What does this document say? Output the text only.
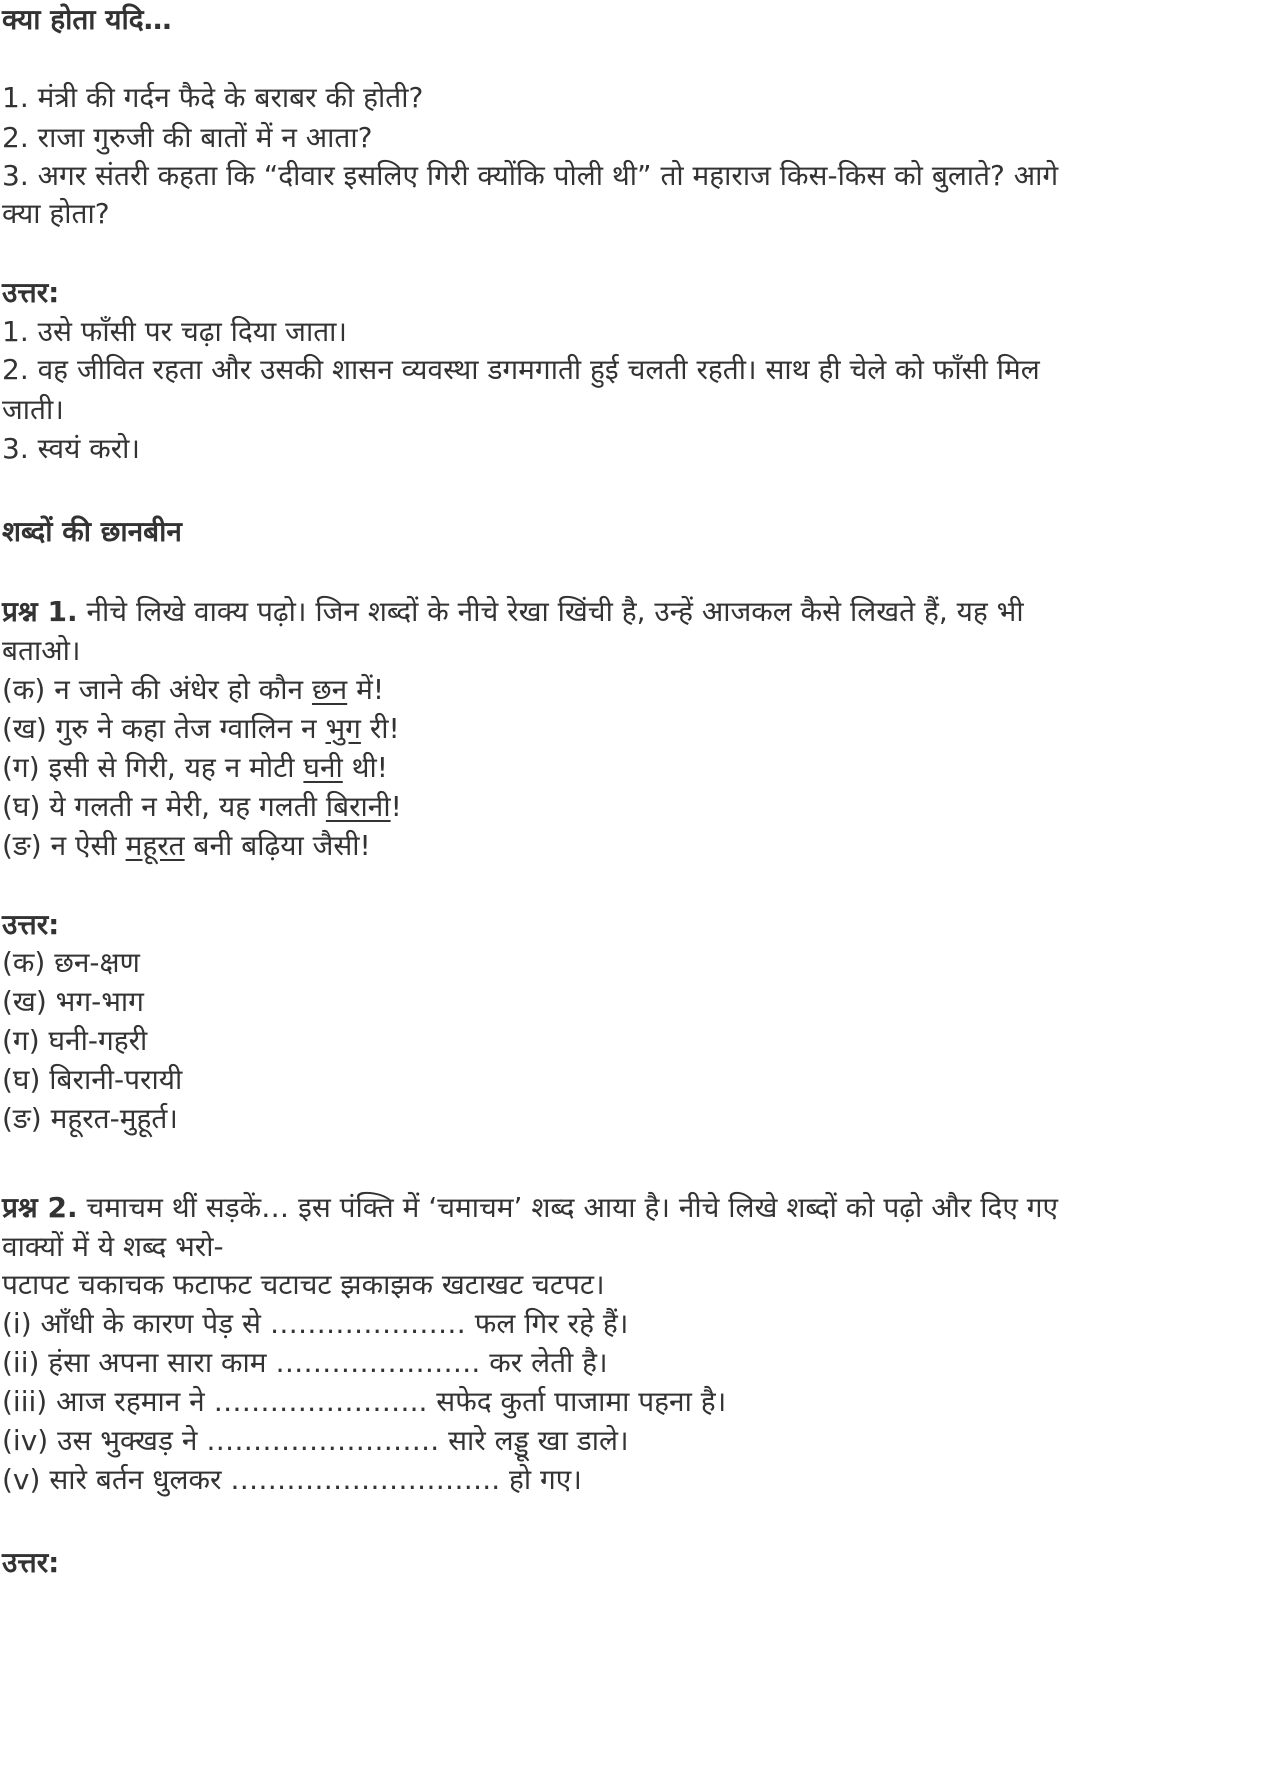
क्या होता यदि…

1. मंत्री की गर्दन फैदे के बराबर की होती?

2. राजा गुरुजी की बातों में न आता?

3. अगर संतरी कहता कि “दीवार इसलिए गिरी क्योंकि पोली थी” तो महाराज किस-किस को बुलाते? आगे

क्या होता?

उत्तर:

1. उसे फाँसी पर चढ़ा दिया जाता।

2. वह जीवित रहता और उसकी शासन व्यवस्था डगमगाती हुई चलती रहती। साथ ही चेले को फाँसी मिल

जाती।

3. स्वयं करो।

शब्दों की छानबीन

प्रश्न 1. नीचे लिखे वाक्य पढ़ो। जिन शब्दों के नीचे रेखा खिंची है, उन्हें आजकल कैसे लिखते हैं, यह भी

बताओ।

(क) न जाने की अंधेर हो कौन छन में!

(ख) गुरु ने कहा तेज ग्वालिन न भुग री!

(ग) इसी से गिरी, यह न मोटी घनी थी!

(घ) ये गलती न मेरी, यह गलती बिरानी!

(ङ) न ऐसी महूरत बनी बढ़िया जैसी!

उत्तर:

(क) छन-क्षण

(ख) भग-भाग

(ग) घनी-गहरी

(घ) बिरानी-परायी

(ङ) महूरत-मुहूर्त।

प्रश्न 2. चमाचम थीं सड़कें… इस पंक्ति में ‘चमाचम’ शब्द आया है। नीचे लिखे शब्दों को पढ़ो और दिए गए

वाक्यों में ये शब्द भरो-

पटापट चकाचक फटाफट चटाचट झकाझक खटाखट चटपट।

(i) आँधी के कारण पेड़ से ………………… फल गिर रहे हैं।

(ii) हंसा अपना सारा काम …………………. कर लेती है।

(iii) आज रहमान ने ………………….. सफेद कुर्ता पाजामा पहना है।

(iv) उस भुक्खड़ ने ……………………. सारे लड्डू खा डाले।

(v) सारे बर्तन धुलकर ……………………….. हो गए।

उत्तर:
